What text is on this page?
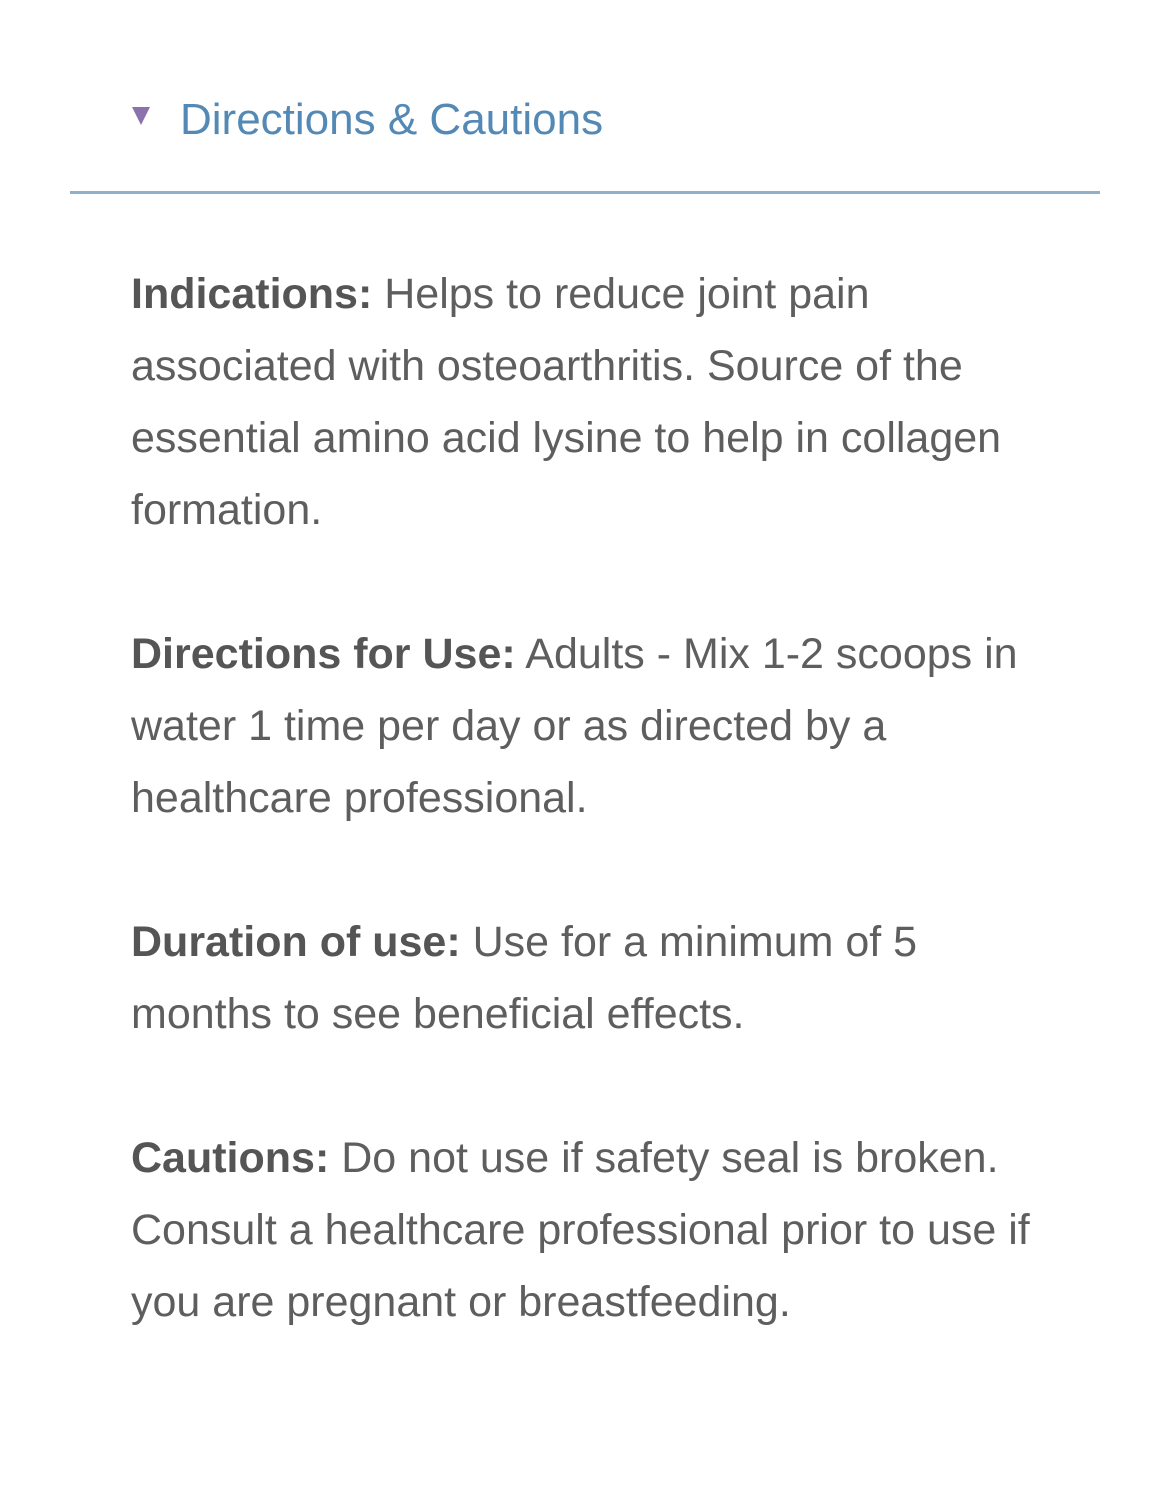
Directions & Cautions

Indications: Helps to reduce joint pain associated with osteoarthritis. Source of the essential amino acid lysine to help in collagen formation.

Directions for Use: Adults - Mix 1-2 scoops in water 1 time per day or as directed by a healthcare professional.

Duration of use: Use for a minimum of 5 months to see beneficial effects.

Cautions: Do not use if safety seal is broken. Consult a healthcare professional prior to use if you are pregnant or breastfeeding.
